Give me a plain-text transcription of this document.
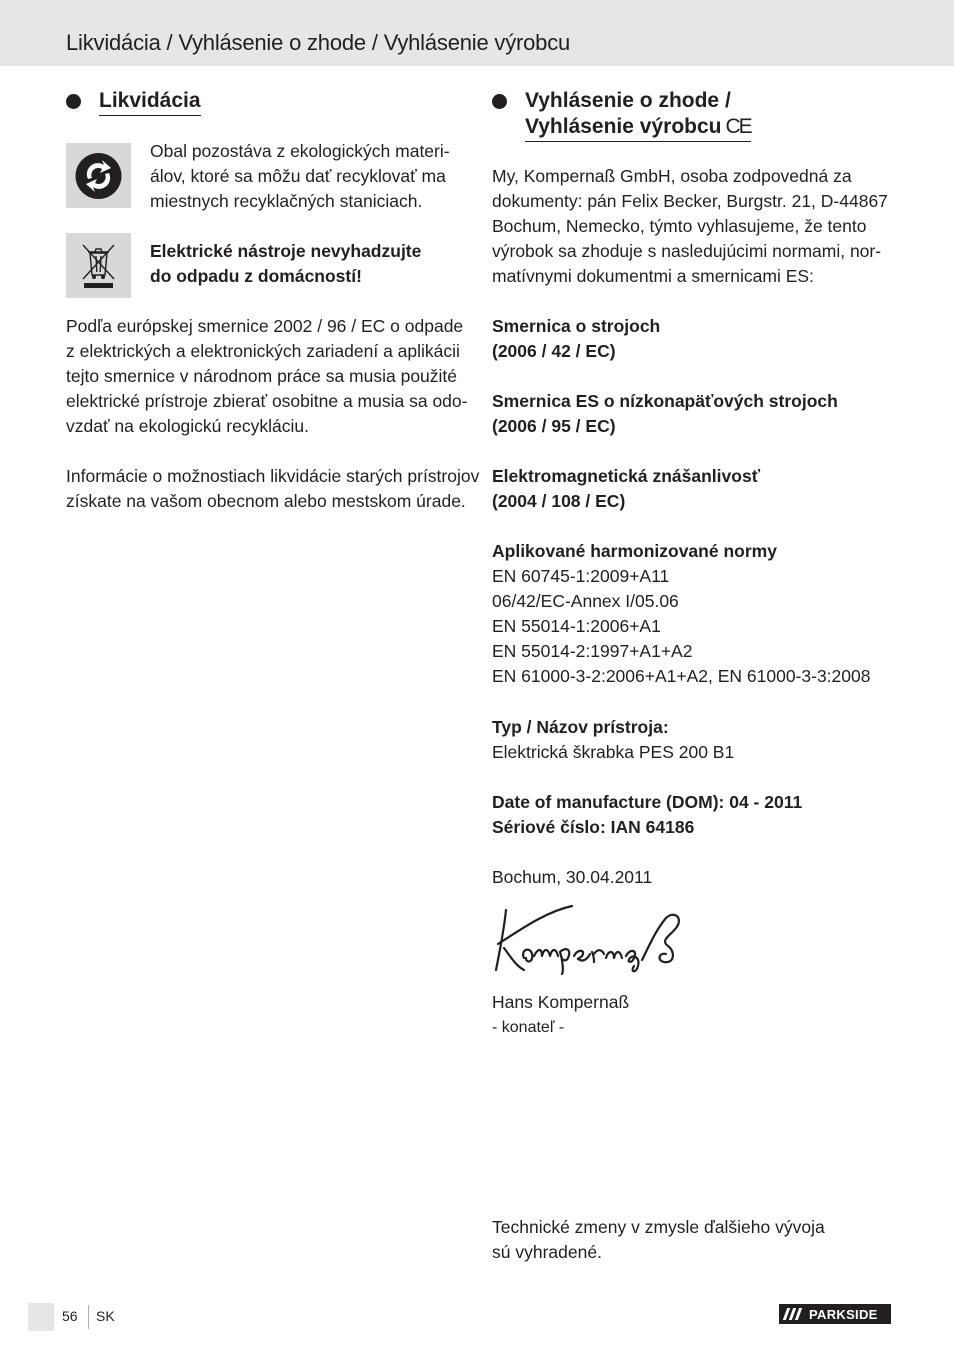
Likvidácia / Vyhlásenie o zhode / Vyhlásenie výrobcu
Likvidácia
Obal pozostáva z ekologických materi-
álov, ktoré sa môžu dať recyklovať ma
miestnych recyklačných staniciach.
Elektrické nástroje nevyhadzujte
do odpadu z domácností!
Podľa európskej smernice 2002 / 96 / EC o odpade
z elektrických a elektronických zariadení a aplikácii
tejto smernice v národnom práce sa musia použité
elektrické prístroje zbierať osobitne a musia sa odo-
vzdať na ekologickú recykláciu.
Informácie o možnostiach likvidácie starých prístrojov
získate na vašom obecnom alebo mestskom úrade.
Vyhlásenie o zhode /
Vyhlásenie výrobcu CE
My, Kompernaß GmbH, osoba zodpovedná za
dokumenty: pán Felix Becker, Burgstr. 21, D-44867
Bochum, Nemecko, týmto vyhlasujeme, že tento
výrobok sa zhoduje s nasledujúcimi normami, nor-
matívnymi dokumentmi a smernicami ES:
Smernica o strojoch
(2006 / 42 / EC)
Smernica ES o nízkonapäťových strojoch
(2006 / 95 / EC)
Elektromagnetická znášanlivosť
(2004 / 108 / EC)
Aplikované harmonizované normy
EN 60745-1:2009+A11
06/42/EC-Annex I/05.06
EN 55014-1:2006+A1
EN 55014-2:1997+A1+A2
EN 61000-3-2:2006+A1+A2, EN 61000-3-3:2008
Typ / Názov prístroja:
Elektrická škrabka PES 200 B1
Date of manufacture (DOM): 04 - 2011
Sériové číslo: IAN 64186
Bochum, 30.04.2011
Hans Kompernaß
- konateľ -
Technické zmeny v zmysle ďalšieho vývoja
sú vyhradené.
56 SK	PARKSIDE
